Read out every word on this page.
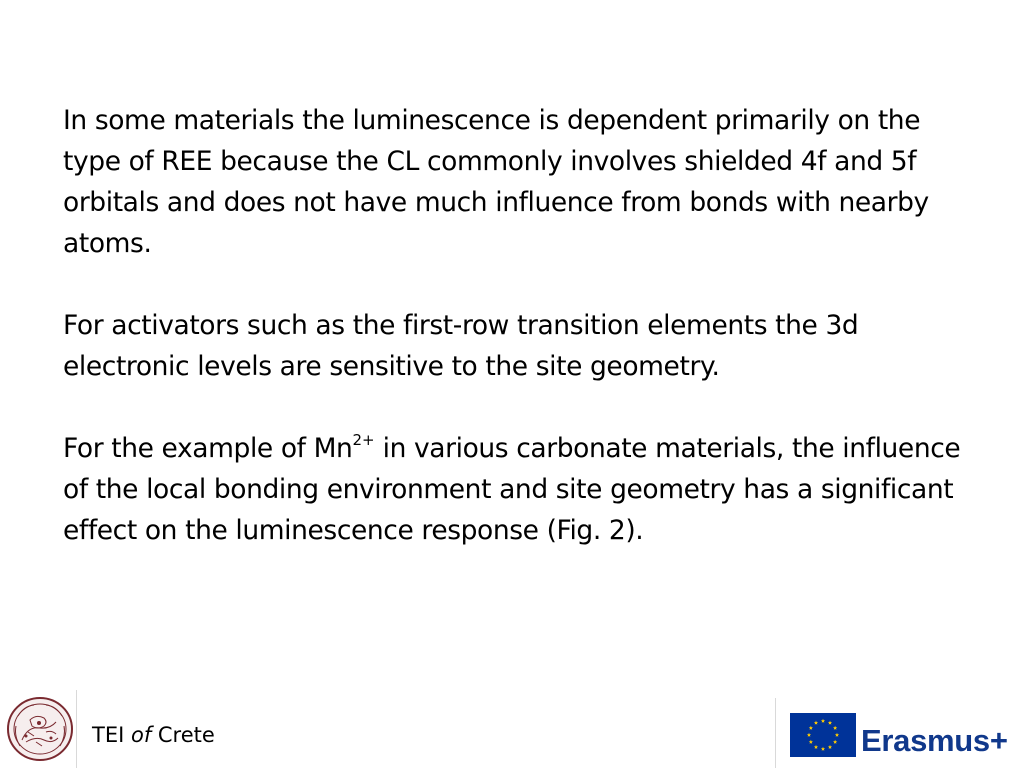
In some materials the luminescence is dependent primarily on the type of REE because the CL commonly involves shielded 4f and 5f orbitals and does not have much influence from bonds with nearby atoms.

For activators such as the first-row transition elements the 3d electronic levels are sensitive to the site geometry.

For the example of $Mn^{2+}$ in various carbonate materials, the influence of the local bonding environment and site geometry has a significant effect on the luminescence response (Fig. 2).

TEI of Crete	Erasmus+
